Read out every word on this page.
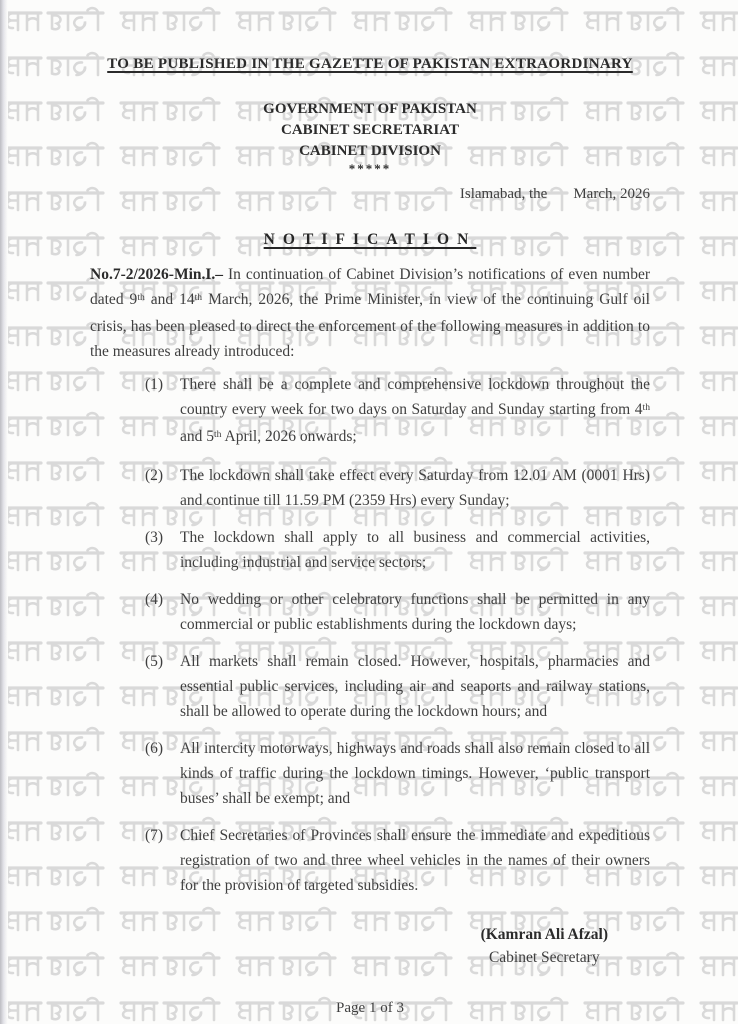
TO BE PUBLISHED IN THE GAZETTE OF PAKISTAN EXTRAORDINARY
GOVERNMENT OF PAKISTAN
CABINET SECRETARIAT
CABINET DIVISION
*****
Islamabad, the March, 2026
NOTIFICATION

No.7-2/2026-Min.I.– In continuation of Cabinet Division’s notifications of even number dated 9th and 14th March, 2026, the Prime Minister, in view of the continuing Gulf oil crisis, has been pleased to direct the enforcement of the following measures in addition to the measures already introduced:

(1)	There shall be a complete and comprehensive lockdown throughout the country every week for two days on Saturday and Sunday starting from 4th and 5th April, 2026 onwards;
(2)	The lockdown shall take effect every Saturday from 12.01 AM (0001 Hrs) and continue till 11.59 PM (2359 Hrs) every Sunday;
(3)	The lockdown shall apply to all business and commercial activities, including industrial and service sectors;
(4)	No wedding or other celebratory functions shall be permitted in any commercial or public establishments during the lockdown days;
(5)	All markets shall remain closed. However, hospitals, pharmacies and essential public services, including air and seaports and railway stations, shall be allowed to operate during the lockdown hours; and
(6)	All intercity motorways, highways and roads shall also remain closed to all kinds of traffic during the lockdown timings. However, ‘public transport buses’ shall be exempt; and
(7)	Chief Secretaries of Provinces shall ensure the immediate and expeditious registration of two and three wheel vehicles in the names of their owners for the provision of targeted subsidies.
(Kamran Ali Afzal)
Cabinet Secretary
Page 1 of 3
